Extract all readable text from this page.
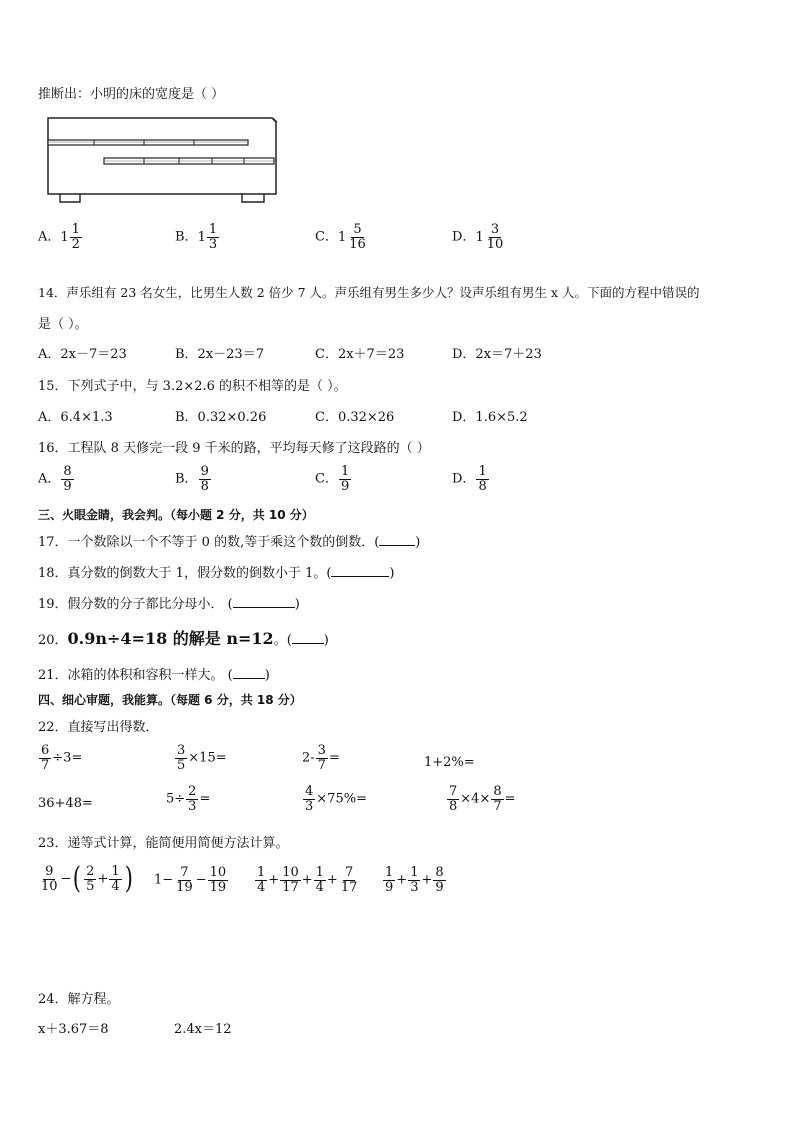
推断出：小明的床的宽度是（ ）
A． $1 \frac{1}{2}$	B． $1 \frac{1}{3}$	C． $1 \frac{5}{16}$	D． $1 \frac{3}{10}$
14．声乐组有 23 名女生，比男生人数 2 倍少 7 人。声乐组有男生多少人？设声乐组有男生 x 人。下面的方程中错误的
是（ ）。
A．2x－7＝23	B．2x－23＝7	C．2x＋7＝23	D．2x＝7＋23
15．下列式子中，与 3.2×2.6 的积不相等的是（ ）。
A．6.4×1.3	B．0.32×0.26	C．0.32×26	D．1.6×5.2
16．工程队 8 天修完一段 9 千米的路，平均每天修了这段路的（ ）
A． $\frac{8}{9}$	B． $\frac{9}{8}$	C． $\frac{1}{9}$	D． $\frac{1}{8}$
三、火眼金睛，我会判。（每小题 2 分，共 10 分）
17．一个数除以一个不等于 0 的数,等于乘这个数的倒数．(	)
18．真分数的倒数大于 1，假分数的倒数小于 1。(	)
19．假分数的分子都比分母小． (	)
20．0.9n÷4=18 的解是 n=12。( )
21．冰箱的体积和容积一样大。 ( )
四、细心审题，我能算。（每题 6 分，共 18 分）
22．直接写出得数．
$\frac{6}{7} \div 3=$	$\frac{3}{5} \times 15=$	$2- \frac{3}{7}$ =	1+2%=
36+48=	$5\div \frac{2}{3}$ =	$\frac{4}{3} \times 75\%=$	$\frac{7}{8} \times 4\times \frac{8}{7}$ =
23．递等式计算，能简便用简便方法计算。
$\frac{9}{10}$ −( $\frac{2}{5} + \frac{1}{4}$ ) $1- \frac{7}{19} - \frac{10}{19} \frac{1}{4} + \frac{10}{17} + \frac{1}{4} + \frac{7}{17} \frac{1}{9} + \frac{1}{3} + \frac{8}{9}$
24．解方程。
x＋3.67＝8	2.4x＝12
